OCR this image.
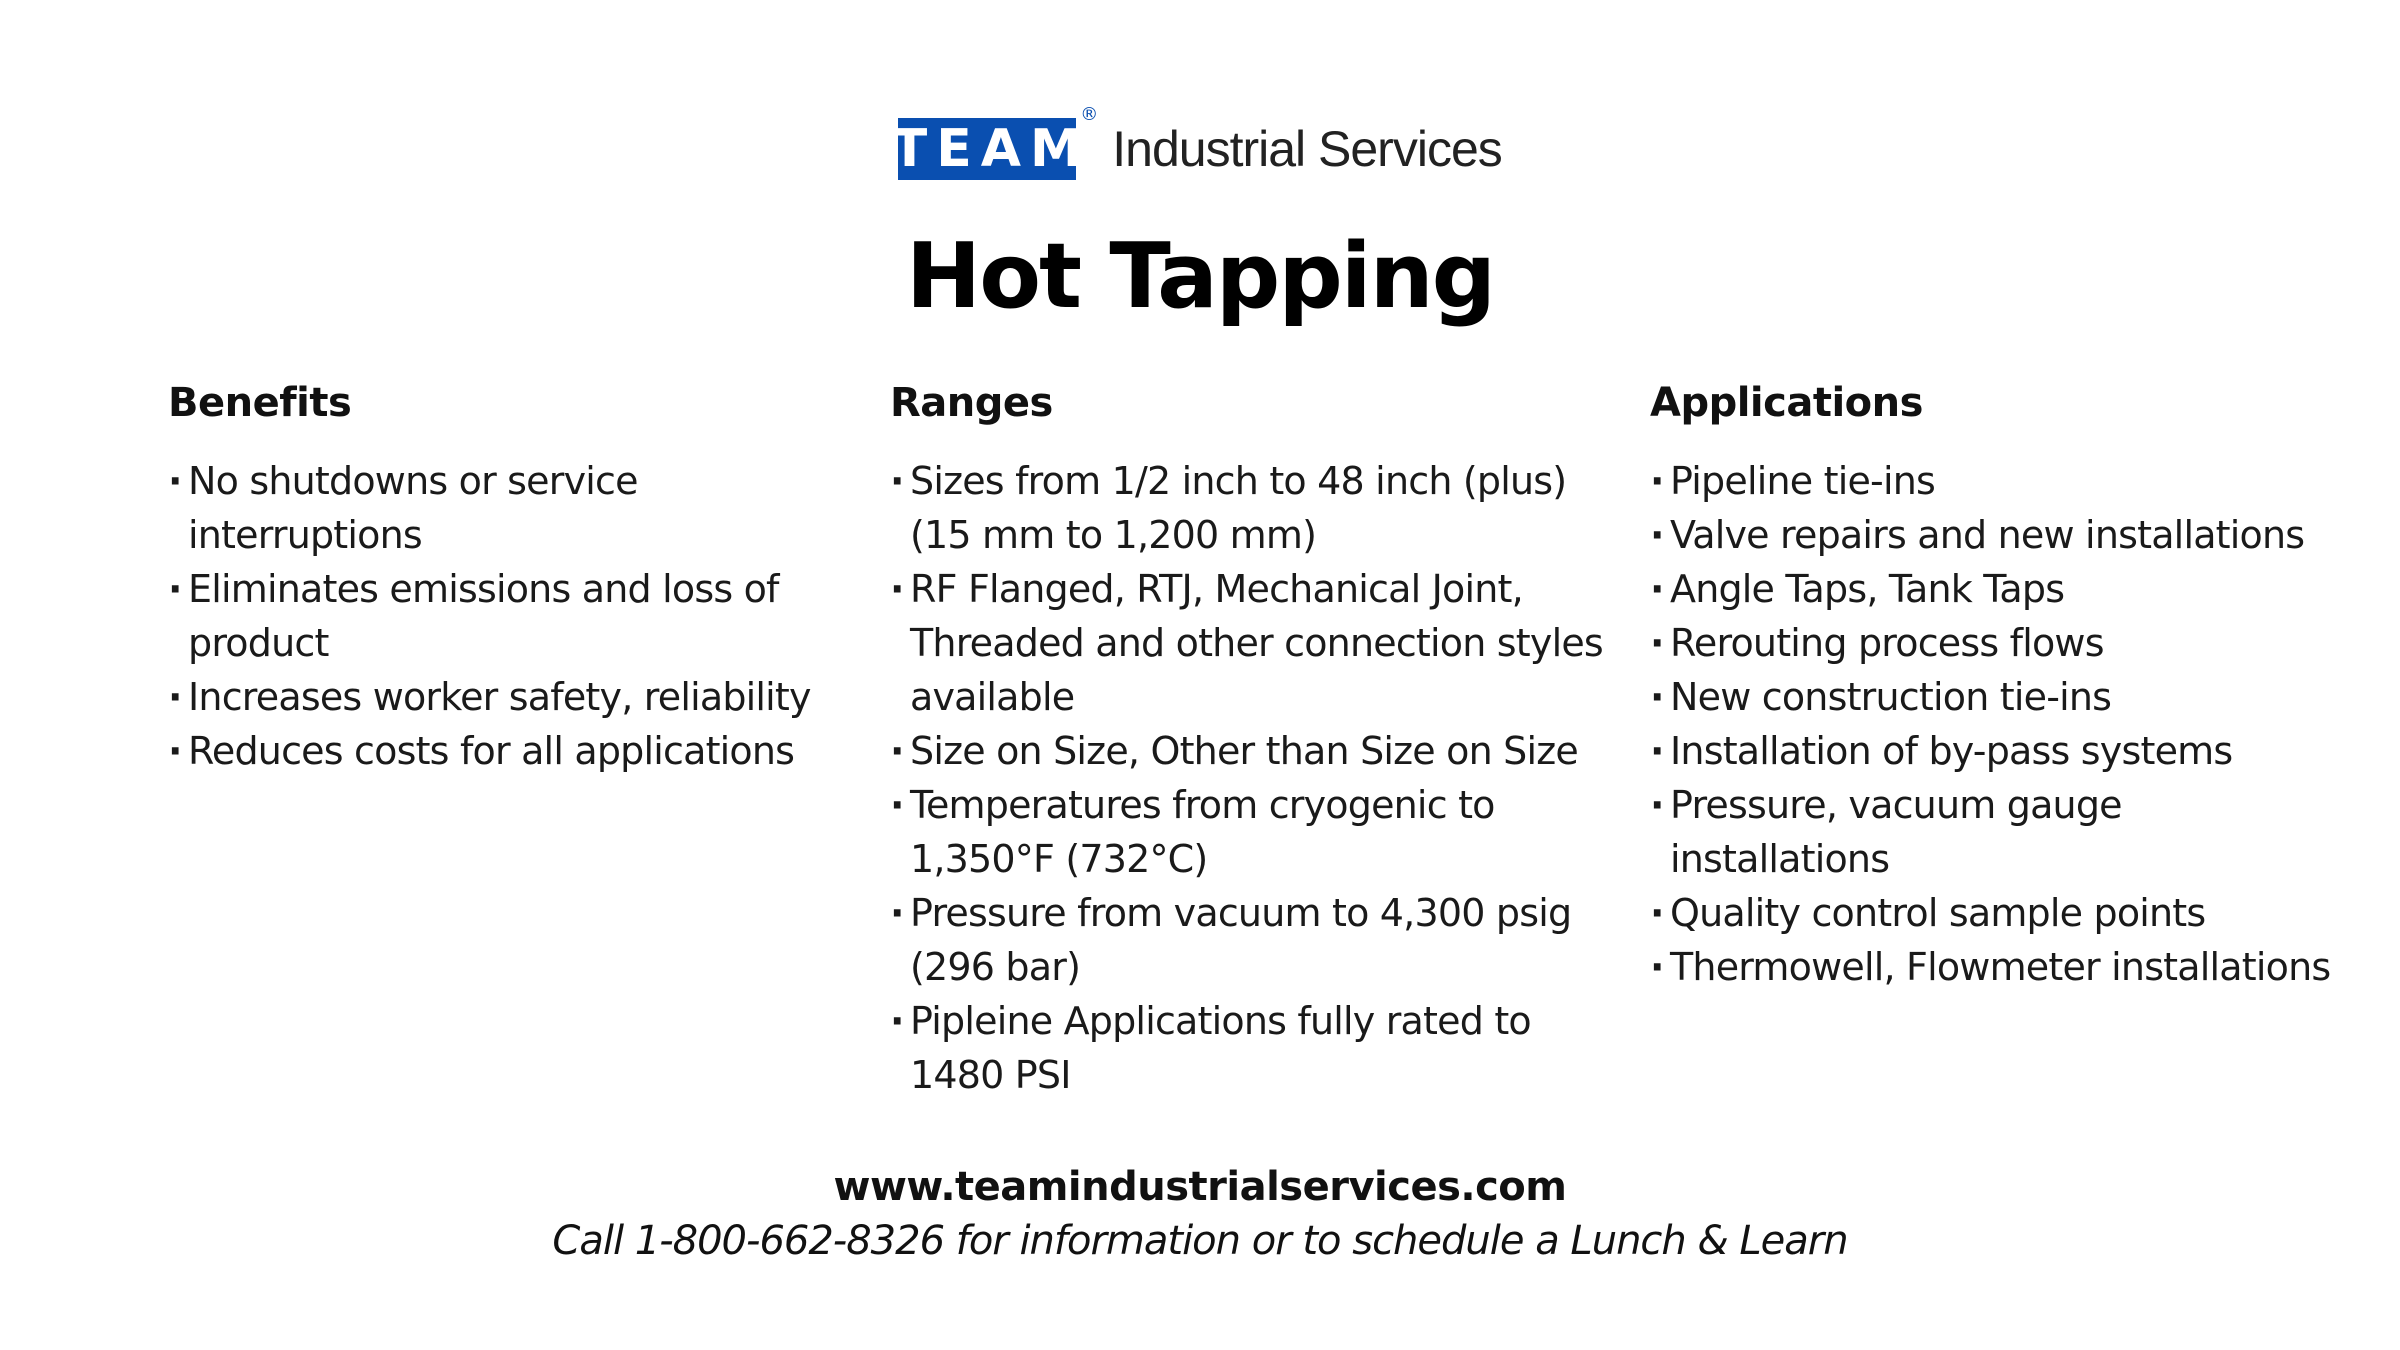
TEAM
®
Industrial Services
Hot Tapping
Benefits
· No shutdowns or service interruptions
· Eliminates emissions and loss of product
· Increases worker safety, reliability
· Reduces costs for all applications
Ranges
· Sizes from 1/2 inch to 48 inch (plus) (15 mm to 1,200 mm)
· RF Flanged, RTJ, Mechanical Joint, Threaded and other connection styles available
· Size on Size, Other than Size on Size
· Temperatures from cryogenic to 1,350°F (732°C)
· Pressure from vacuum to 4,300 psig (296 bar)
· Pipleine Applications fully rated to 1480 PSI
Applications
· Pipeline tie-ins
· Valve repairs and new installations
· Angle Taps, Tank Taps
· Rerouting process flows
· New construction tie-ins
· Installation of by-pass systems
· Pressure, vacuum gauge installations
· Quality control sample points
· Thermowell, Flowmeter installations
www.teamindustrialservices.com
Call 1-800-662-8326 for information or to schedule a Lunch & Learn
